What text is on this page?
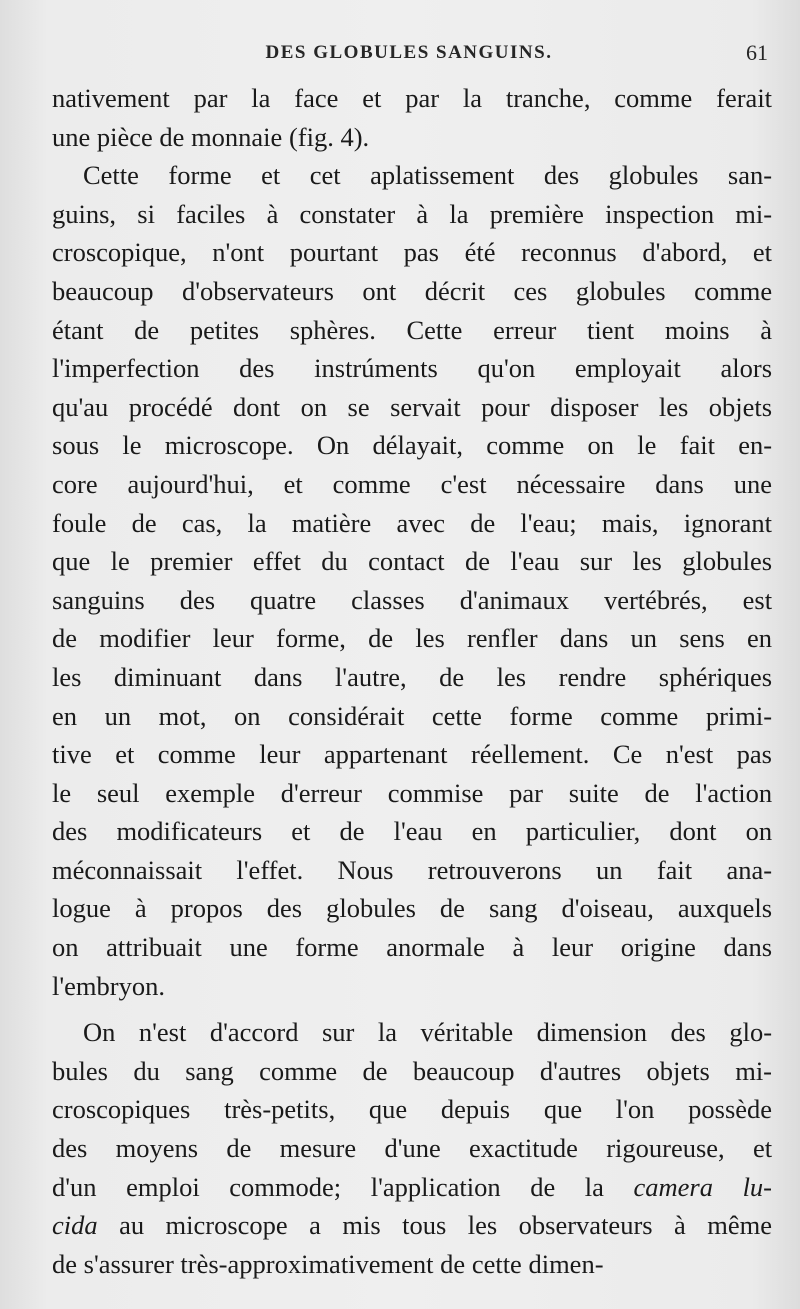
DES GLOBULES SANGUINS.	61
nativement par la face et par la tranche, comme ferait
une pièce de monnaie (fig. 4).
Cette forme et cet aplatissement des globules san-
guins, si faciles à constater à la première inspection mi-
croscopique, n'ont pourtant pas été reconnus d'abord, et
beaucoup d'observateurs ont décrit ces globules comme
étant de petites sphères. Cette erreur tient moins à
l'imperfection des instrúments qu'on employait alors
qu'au procédé dont on se servait pour disposer les objets
sous le microscope. On délayait, comme on le fait en-
core aujourd'hui, et comme c'est nécessaire dans une
foule de cas, la matière avec de l'eau; mais, ignorant
que le premier effet du contact de l'eau sur les globules
sanguins des quatre classes d'animaux vertébrés, est
de modifier leur forme, de les renfler dans un sens en
les diminuant dans l'autre, de les rendre sphériques
en un mot, on considérait cette forme comme primi-
tive et comme leur appartenant réellement. Ce n'est pas
le seul exemple d'erreur commise par suite de l'action
des modificateurs et de l'eau en particulier, dont on
méconnaissait l'effet. Nous retrouverons un fait ana-
logue à propos des globules de sang d'oiseau, auxquels
on attribuait une forme anormale à leur origine dans
l'embryon.
On n'est d'accord sur la véritable dimension des glo-
bules du sang comme de beaucoup d'autres objets mi-
croscopiques très-petits, que depuis que l'on possède
des moyens de mesure d'une exactitude rigoureuse, et
d'un emploi commode; l'application de la camera lu-
cida au microscope a mis tous les observateurs à même
de s'assurer très-approximativement de cette dimen-
